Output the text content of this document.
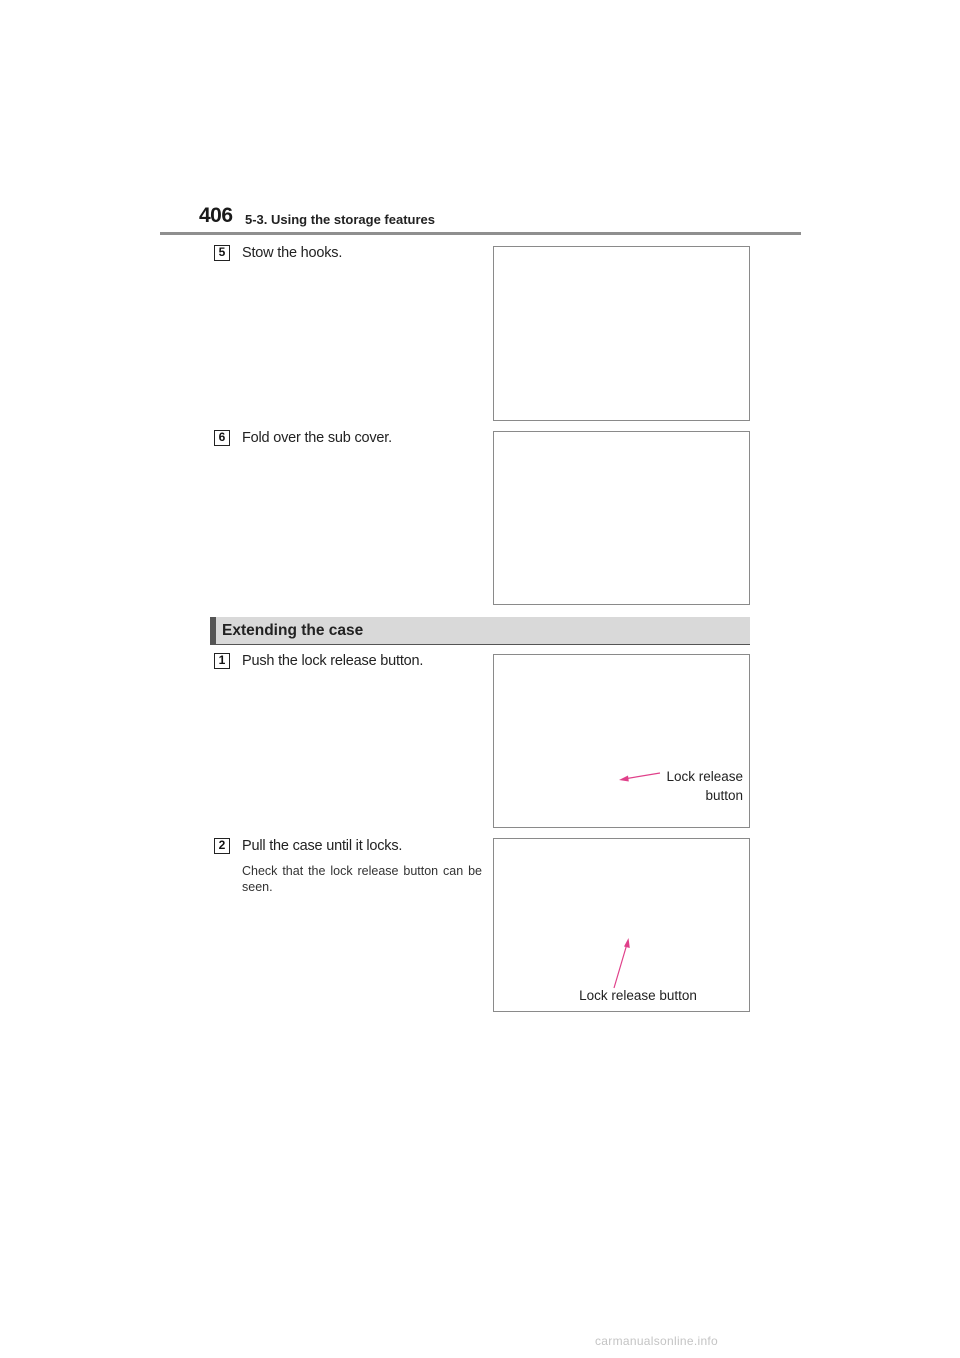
406 5-3. Using the storage features
5	Stow the hooks.
6	Fold over the sub cover.
Extending the case
1	Push the lock release button.
Lock release
button
2	Pull the case until it locks.
Check that the lock release button can be seen.
Lock release button
carmanualsonline.info
